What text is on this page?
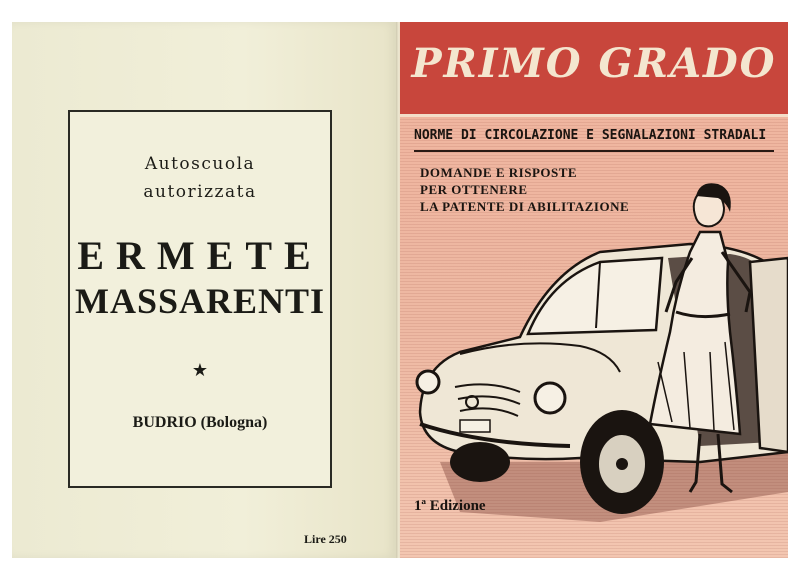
Autoscuola
autorizzata
ERMETE
MASSARENTI
★
BUDRIO (Bologna)
Lire 250
PRIMO GRADO
NORME DI CIRCOLAZIONE E SEGNALAZIONI STRADALI
DOMANDE E RISPOSTE
PER OTTENERE
LA PATENTE DI ABILITAZIONE
1ª Edizione
